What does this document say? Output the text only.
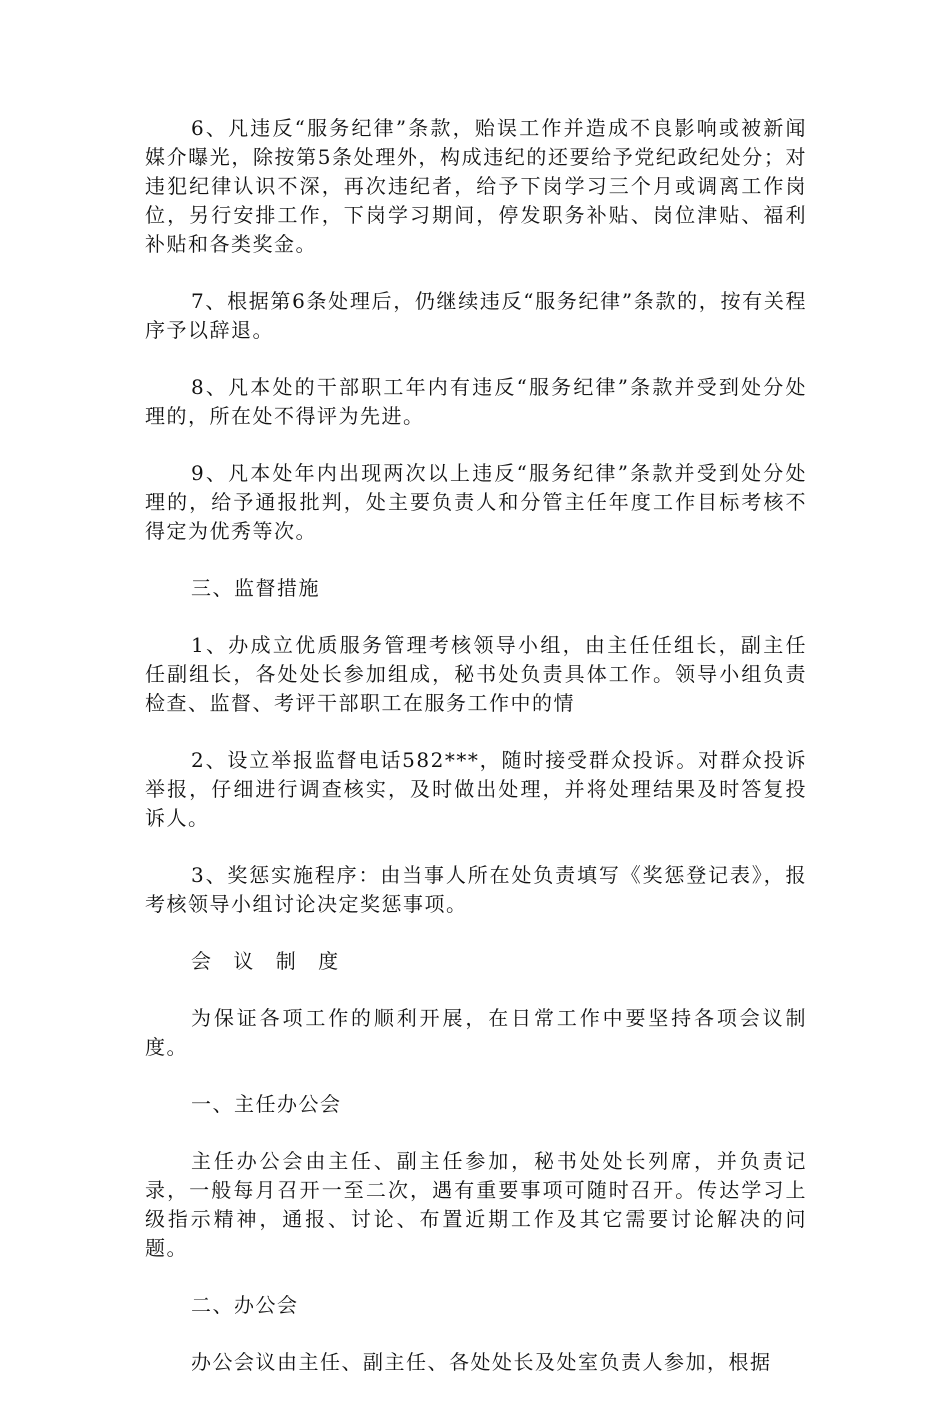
6、凡违反“服务纪律”条款，贻误工作并造成不良影响或被新闻媒介曝光，除按第5条处理外，构成违纪的还要给予党纪政纪处分；对违犯纪律认识不深，再次违纪者，给予下岗学习三个月或调离工作岗位，另行安排工作，下岗学习期间，停发职务补贴、岗位津贴、福利补贴和各类奖金。

7、根据第6条处理后，仍继续违反“服务纪律”条款的，按有关程序予以辞退。

8、凡本处的干部职工年内有违反“服务纪律”条款并受到处分处理的，所在处不得评为先进。

9、凡本处年内出现两次以上违反“服务纪律”条款并受到处分处理的，给予通报批判，处主要负责人和分管主任年度工作目标考核不得定为优秀等次。

三、监督措施

1、办成立优质服务管理考核领导小组，由主任任组长，副主任任副组长，各处处长参加组成，秘书处负责具体工作。领导小组负责检查、监督、考评干部职工在服务工作中的情

2、设立举报监督电话582***，随时接受群众投诉。对群众投诉举报，仔细进行调查核实，及时做出处理，并将处理结果及时答复投诉人。

3、奖惩实施程序：由当事人所在处负责填写《奖惩登记表》，报考核领导小组讨论决定奖惩事项。

会 议 制 度

为保证各项工作的顺利开展，在日常工作中要坚持各项会议制度。

一、主任办公会

主任办公会由主任、副主任参加，秘书处处长列席，并负责记录，一般每月召开一至二次，遇有重要事项可随时召开。传达学习上级指示精神，通报、讨论、布置近期工作及其它需要讨论解决的问题。

二、办公会

办公会议由主任、副主任、各处处长及处室负责人参加，根据
